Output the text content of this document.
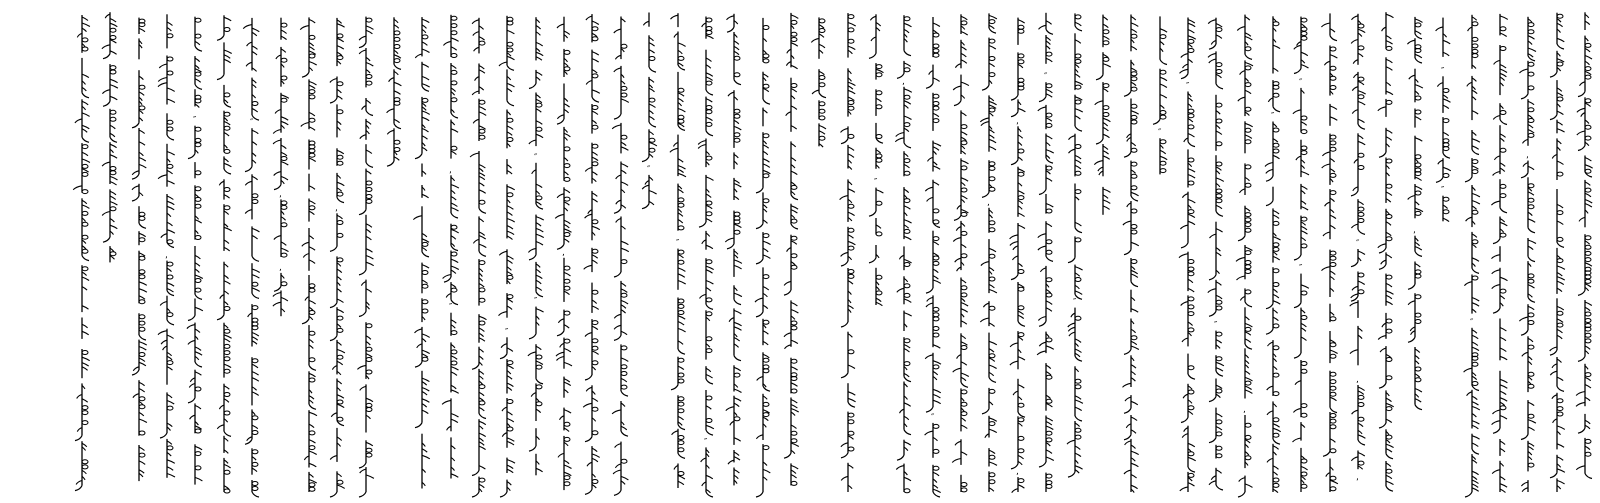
,
″	″
,
,
,
,
″
″
″
″
,
″
″
″
″
,
″
,
,
,
″
″
″
″
″
,
″
″
″
″
,
,
,
″
″
″
,
